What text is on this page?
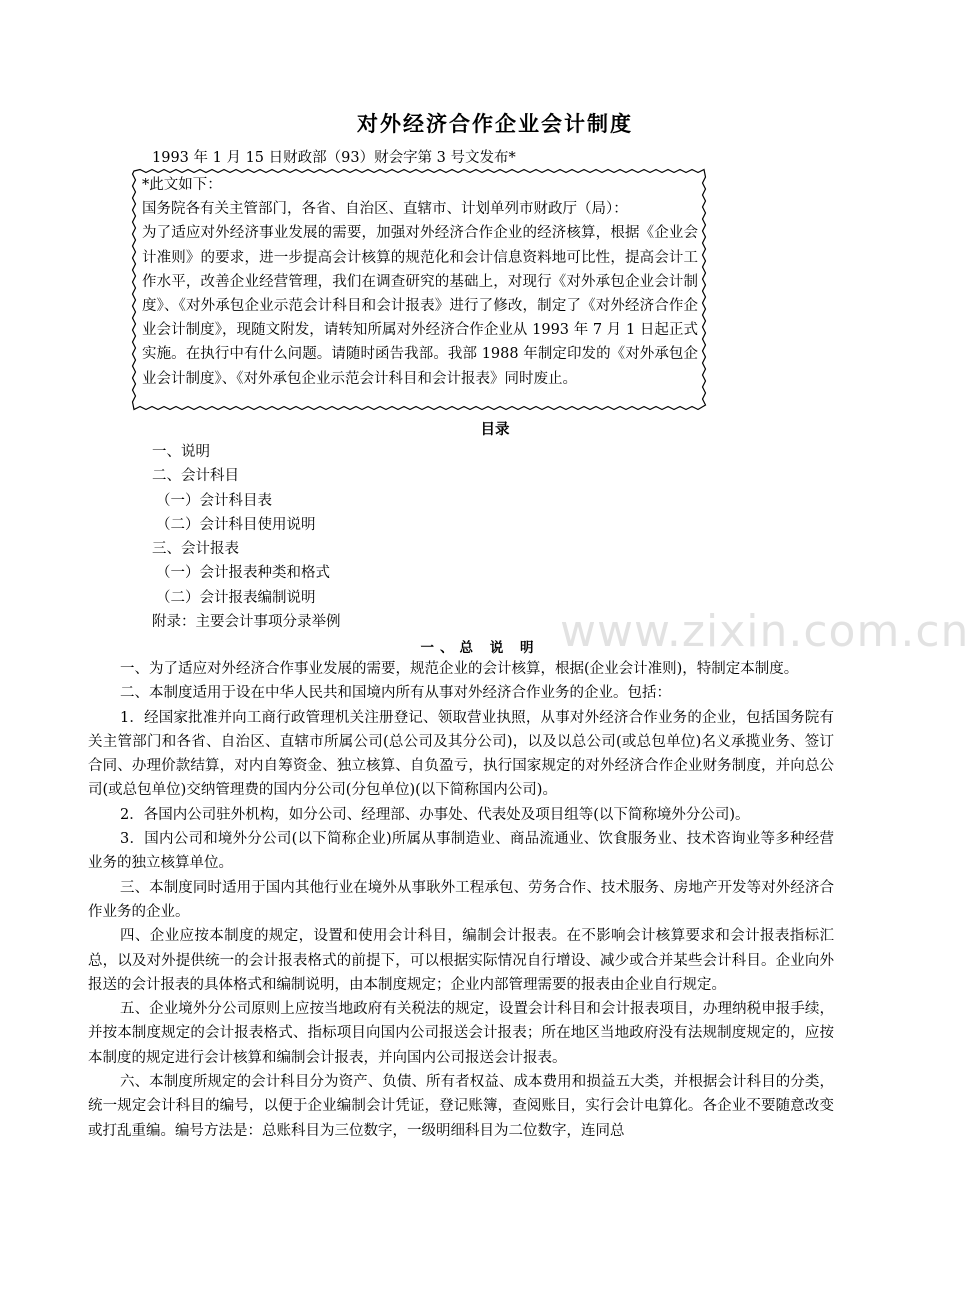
对外经济合作企业会计制度
1993 年 1 月 15 日财政部（93）财会字第 3 号文发布*

*此文如下：

国务院各有关主管部门，各省、自治区、直辖市、计划单列市财政厅（局）：

为了适应对外经济事业发展的需要，加强对外经济合作企业的经济核算，根据《企业会计准则》的要求，进一步提高会计核算的规范化和会计信息资料地可比性，提高会计工作水平，改善企业经营管理，我们在调查研究的基础上，对现行《对外承包企业会计制度》、《对外承包企业示范会计科目和会计报表》进行了修改，制定了《对外经济合作企业会计制度》，现随文附发，请转知所属对外经济合作企业从 1993 年 7 月 1 日起正式实施。在执行中有什么问题。请随时函告我部。我部 1988 年制定印发的《对外承包企业会计制度》、《对外承包企业示范会计科目和会计报表》同时废止。

目录
一、说明
二、会计科目
（一）会计科目表
（二）会计科目使用说明
三、会计报表
（一）会计报表种类和格式
（二）会计报表编制说明
附录：主要会计事项分录举例	www.zixin.com.cn
一、总 说 明

一、为了适应对外经济合作事业发展的需要，规范企业的会计核算，根据(企业会计准则)，特制定本制度。

二、本制度适用于设在中华人民共和国境内所有从事对外经济合作业务的企业。包括：

1．经国家批准并向工商行政管理机关注册登记、领取营业执照，从事对外经济合作业务的企业，包括国务院有关主管部门和各省、自治区、直辖市所属公司(总公司及其分公司)，以及以总公司(或总包单位)名义承揽业务、签订合同、办理价款结算，对内自筹资金、独立核算、自负盈亏，执行国家规定的对外经济合作企业财务制度，并向总公司(或总包单位)交纳管理费的国内分公司(分包单位)(以下简称国内公司)。

2．各国内公司驻外机构，如分公司、经理部、办事处、代表处及项目组等(以下简称境外分公司)。

3．国内公司和境外分公司(以下简称企业)所属从事制造业、商品流通业、饮食服务业、技术咨询业等多种经营业务的独立核算单位。

三、本制度同时适用于国内其他行业在境外从事耿外工程承包、劳务合作、技术服务、房地产开发等对外经济合作业务的企业。

四、企业应按本制度的规定，设置和使用会计科目，编制会计报表。在不影响会计核算要求和会计报表指标汇总，以及对外提供统一的会计报表格式的前提下，可以根据实际情况自行增设、减少或合并某些会计科目。企业向外报送的会计报表的具体格式和编制说明，由本制度规定；企业内部管理需要的报表由企业自行规定。

五、企业境外分公司原则上应按当地政府有关税法的规定，设置会计科目和会计报表项目，办理纳税申报手续，并按本制度规定的会计报表格式、指标项目向国内公司报送会计报表；所在地区当地政府没有法规制度规定的，应按本制度的规定进行会计核算和编制会计报表，并向国内公司报送会计报表。

六、本制度所规定的会计科目分为资产、负债、所有者权益、成本费用和损益五大类，并根据会计科目的分类，统一规定会计科目的编号，以便于企业编制会计凭证，登记账簿，查阅账目，实行会计电算化。各企业不要随意改变或打乱重编。编号方法是：总账科目为三位数字，一级明细科目为二位数字，连同总
